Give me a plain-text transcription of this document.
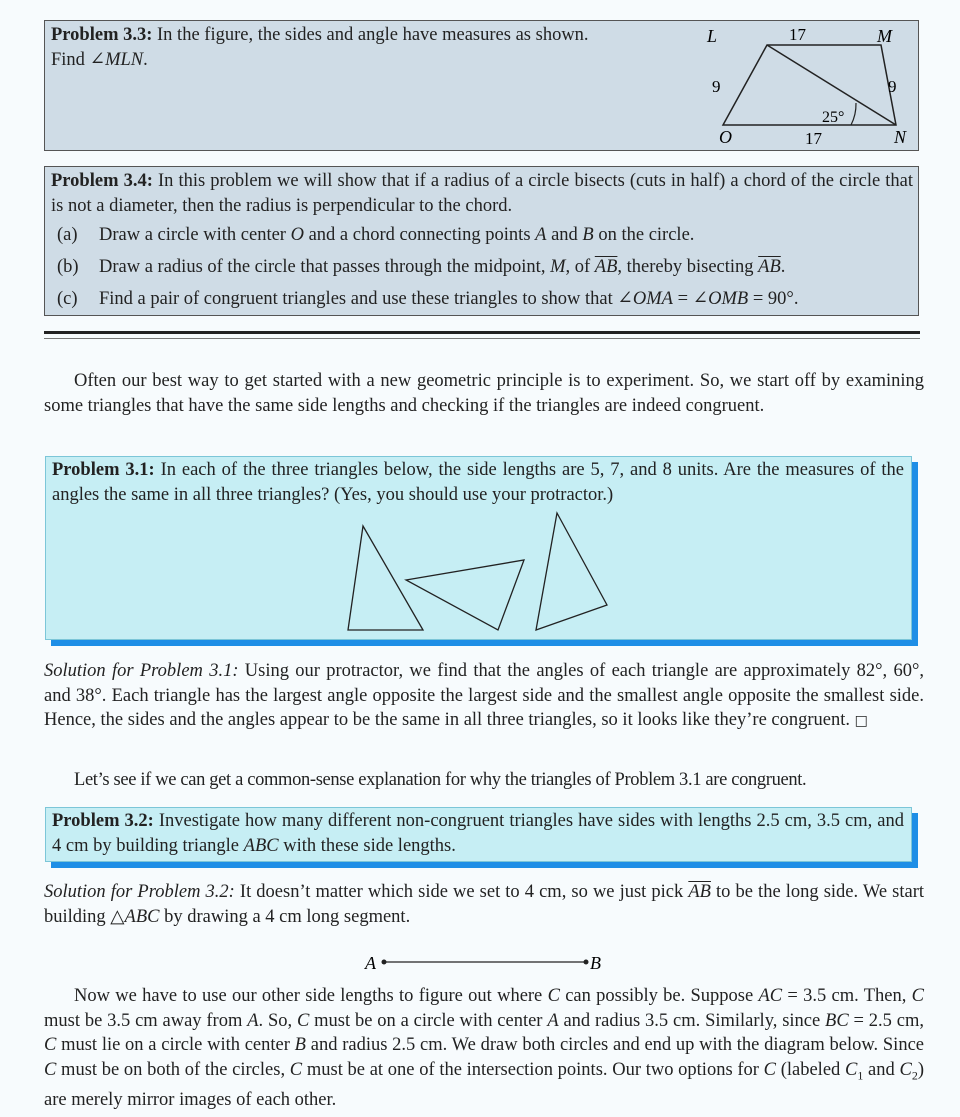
Problem 3.3: In the figure, the sides and angle have measures as shown.
Find ∠MLN.
L	M
N
O
17
17
9	9
25°
Problem 3.4: In this problem we will show that if a radius of a circle bisects (cuts in half) a chord of the circle that is not a diameter, then the radius is perpendicular to the chord.
(a)	Draw a circle with center O and a chord connecting points A and B on the circle.
(b)	Draw a radius of the circle that passes through the midpoint, M, of $\overline{AB}$, thereby bisecting $\overline{AB}$.
(c)	Find a pair of congruent triangles and use these triangles to show that ∠OMA = ∠OMB = 90°.
Often our best way to get started with a new geometric principle is to experiment. So, we start off by examining some triangles that have the same side lengths and checking if the triangles are indeed congruent.
Problem 3.1: In each of the three triangles below, the side lengths are 5, 7, and 8 units. Are the measures of the angles the same in all three triangles? (Yes, you should use your protractor.)
Solution for Problem 3.1: Using our protractor, we find that the angles of each triangle are approximately 82°, 60°, and 38°. Each triangle has the largest angle opposite the largest side and the smallest angle opposite the smallest side. Hence, the sides and the angles appear to be the same in all three triangles, so it looks like they’re congruent. □
Let’s see if we can get a common-sense explanation for why the triangles of Problem 3.1 are congruent.
Problem 3.2: Investigate how many different non-congruent triangles have sides with lengths 2.5 cm, 3.5 cm, and 4 cm by building triangle ABC with these side lengths.
Solution for Problem 3.2: It doesn’t matter which side we set to 4 cm, so we just pick $\overline{AB}$ to be the long side. We start building △ABC by drawing a 4 cm long segment.
A	B
Now we have to use our other side lengths to figure out where C can possibly be. Suppose AC = 3.5 cm. Then, C must be 3.5 cm away from A. So, C must be on a circle with center A and radius 3.5 cm. Similarly, since BC = 2.5 cm, C must lie on a circle with center B and radius 2.5 cm. We draw both circles and end up with the diagram below. Since C must be on both of the circles, C must be at one of the intersection points. Our two options for C (labeled $C_1$ and $C_2$) are merely mirror images of each other.
